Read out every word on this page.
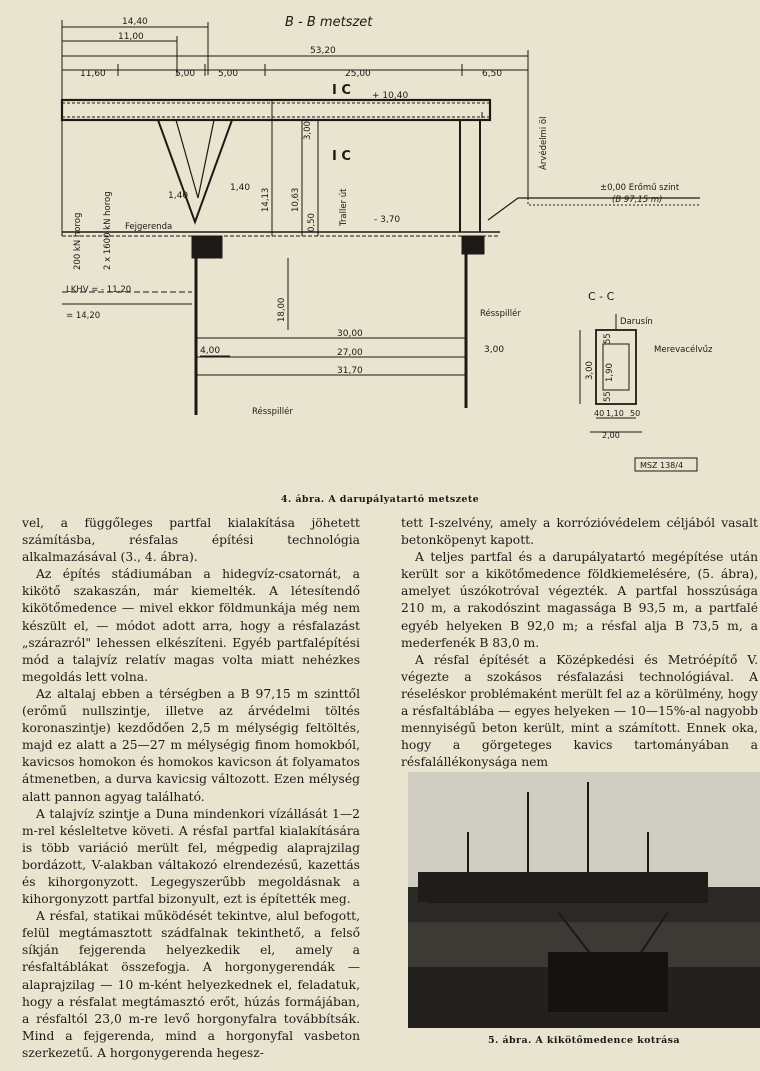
B - B metszet
14,40
11,00
53,20
11,60	5,00	5,00	25,00	6,50
I C + 10,40
I C
1,40
1,40
Fejgerenda
- 3,70
±0,00 Erőmű szint
(B 97,15 m)
LKHV = - 11,20
= 14,20	Résspillér
30,00
27,00
31,70
4,00	3,00
Résspillér
C - C
Darusín
Merevacélvűz
40 1,10 50
2,00
MSZ 138/4
200 kN horog 2 x 1600 kN horog
3,00
14,13 10,63
0,50	Traller út
18,00
Árvédelmi öl
3,00 1,90
55
55
4. ábra. A darupályatartó metszete

vel, a függőleges partfal kialakítása jöhetett számításba, résfalas építési technológia alkalmazásával (3., 4. ábra).

Az építés stádiumában a hidegvíz-csatornát, a kikötő szakaszán, már kiemelték. A létesítendő kikötőmedence — mivel ekkor földmunkája még nem készült el, — módot adott arra, hogy a résfalazást „szárazról" lehessen elkészíteni. Egyéb partfalépítési mód a talajvíz relatív magas volta miatt nehézkes megoldás lett volna.

Az altalaj ebben a térségben a B 97,15 m szinttől (erőmű nullszintje, illetve az árvédelmi töltés koronaszintje) kezdődően 2,5 m mélységig feltöltés, majd ez alatt a 25—27 m mélységig finom homokból, kavicsos homokon és homokos kavicson át folyamatos átmenetben, a durva kavicsig változott. Ezen mélység alatt pannon agyag található.

A talajvíz szintje a Duna mindenkori vízállását 1—2 m-rel késleltetve követi. A résfal partfal kialakítására is több variáció merült fel, mégpedig alaprajzilag bordázott, V-alakban váltakozó elrendezésű, kazettás és kihorgonyzott. Legegyszerűbb megoldásnak a kihorgonyzott partfal bizonyult, ezt is építették meg.

A résfal, statikai működését tekintve, alul befogott, felül megtámasztott szádfalnak tekinthető, a felső síkján fejgerenda helyezkedik el, amely a résfaltáblákat összefogja. A horgonygerendák — alaprajzilag — 10 m-ként helyezkednek el, feladatuk, hogy a résfalat megtámasztó erőt, húzás formájában, a résfaltól 23,0 m-re levő horgonyfalra továbbítsák. Mind a fejgerenda, mind a horgonyfal vasbeton szerkezetű. A horgonygerenda hegesz-

tett I-szelvény, amely a korrózióvédelem céljából vasalt betonköpenyt kapott.

A teljes partfal és a darupályatartó megépítése után került sor a kikötőmedence földkiemelésére, (5. ábra), amelyet úszókotróval végezték. A partfal hosszúsága 210 m, a rakodószint magassága B 93,5 m, a partfalé egyéb helyeken B 92,0 m; a résfal alja B 73,5 m, a mederfenék B 83,0 m.

A résfal építését a Középkedési és Metróépítő V. végezte a szokásos résfalazási technológiával. A réseléskor problémaként merült fel az a körülmény, hogy a résfaltáblába — egyes helyeken — 10—15%-al nagyobb mennyiségű beton került, mint a számított. Ennek oka, hogy a görgeteges kavics tartományában a résfalállékonysága nem

5. ábra. A kikötőmedence kotrása
